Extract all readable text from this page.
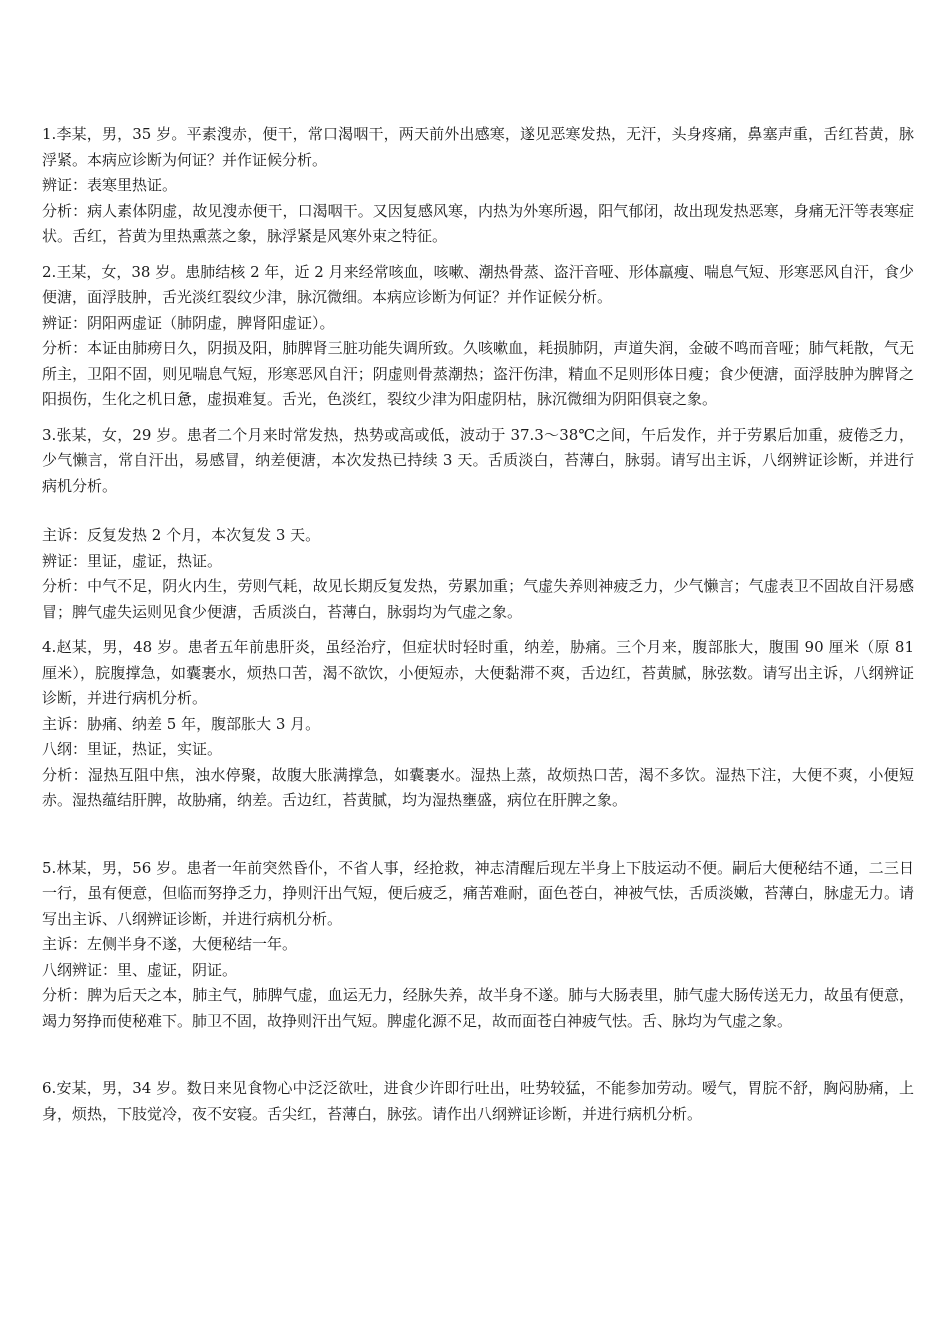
1.李某，男，35 岁。平素溲赤，便干，常口渴咽干，两天前外出感寒，遂见恶寒发热，无汗，头身疼痛，鼻塞声重，舌红苔黄，脉浮紧。本病应诊断为何证？并作证候分析。

辨证：表寒里热证。

分析：病人素体阴虚，故见溲赤便干，口渴咽干。又因复感风寒，内热为外寒所遏，阳气郁闭，故出现发热恶寒，身痛无汗等表寒症状。舌红，苔黄为里热熏蒸之象，脉浮紧是风寒外束之特征。

2.王某，女，38 岁。患肺结核 2 年，近 2 月来经常咳血，咳嗽、潮热骨蒸、盗汗音哑、形体羸瘦、喘息气短、形寒恶风自汗，食少便溏，面浮肢肿，舌光淡红裂纹少津，脉沉微细。本病应诊断为何证？并作证候分析。

辨证：阴阳两虚证（肺阴虚，脾肾阳虚证）。

分析：本证由肺痨日久，阴损及阳，肺脾肾三脏功能失调所致。久咳嗽血，耗损肺阴，声道失润，金破不鸣而音哑；肺气耗散，气无所主，卫阳不固，则见喘息气短，形寒恶风自汗；阴虚则骨蒸潮热；盗汗伤津，精血不足则形体日瘦；食少便溏，面浮肢肿为脾肾之阳损伤，生化之机日惫，虚损难复。舌光，色淡红，裂纹少津为阳虚阴枯，脉沉微细为阴阳俱衰之象。

3.张某，女，29 岁。患者二个月来时常发热，热势或高或低，波动于 37.3～38℃之间，午后发作，并于劳累后加重，疲倦乏力，少气懒言，常自汗出，易感冒，纳差便溏，本次发热已持续 3 天。舌质淡白，苔薄白，脉弱。请写出主诉，八纲辨证诊断，并进行病机分析。

主诉：反复发热 2 个月，本次复发 3 天。

辨证：里证，虚证，热证。

分析：中气不足，阴火内生，劳则气耗，故见长期反复发热，劳累加重；气虚失养则神疲乏力，少气懒言；气虚表卫不固故自汗易感冒；脾气虚失运则见食少便溏，舌质淡白，苔薄白，脉弱均为气虚之象。

4.赵某，男，48 岁。患者五年前患肝炎，虽经治疗，但症状时轻时重，纳差，胁痛。三个月来，腹部胀大，腹围 90 厘米（原 81 厘米），脘腹撑急，如囊裹水，烦热口苦，渴不欲饮，小便短赤，大便黏滞不爽，舌边红，苔黄腻，脉弦数。请写出主诉，八纲辨证诊断，并进行病机分析。

主诉：胁痛、纳差 5 年，腹部胀大 3 月。

八纲：里证，热证，实证。

分析：湿热互阻中焦，浊水停聚，故腹大胀满撑急，如囊裹水。湿热上蒸，故烦热口苦，渴不多饮。湿热下注，大便不爽，小便短赤。湿热蕴结肝脾，故胁痛，纳差。舌边红，苔黄腻，均为湿热壅盛，病位在肝脾之象。

5.林某，男，56 岁。患者一年前突然昏仆，不省人事，经抢救，神志清醒后现左半身上下肢运动不便。嗣后大便秘结不通，二三日一行，虽有便意，但临而努挣乏力，挣则汗出气短，便后疲乏，痛苦难耐，面色苍白，神被气怯，舌质淡嫩，苔薄白，脉虚无力。请写出主诉、八纲辨证诊断，并进行病机分析。

主诉：左侧半身不遂，大便秘结一年。

八纲辨证：里、虚证，阴证。

分析：脾为后天之本，肺主气，肺脾气虚，血运无力，经脉失养，故半身不遂。肺与大肠表里，肺气虚大肠传送无力，故虽有便意，竭力努挣而使秘难下。肺卫不固，故挣则汗出气短。脾虚化源不足，故而面苍白神疲气怯。舌、脉均为气虚之象。

6.安某，男，34 岁。数日来见食物心中泛泛欲吐，进食少许即行吐出，吐势较猛，不能参加劳动。嗳气，胃脘不舒，胸闷胁痛，上身，烦热，下肢觉冷，夜不安寝。舌尖红，苔薄白，脉弦。请作出八纲辨证诊断，并进行病机分析。
